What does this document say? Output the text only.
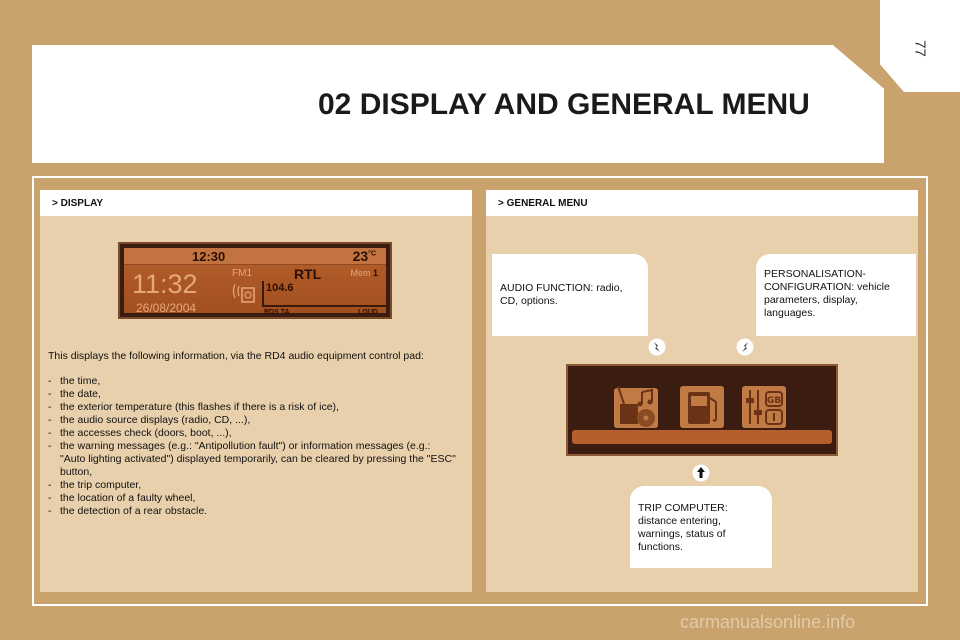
77
02 DISPLAY AND GENERAL MENU
> DISPLAY
12:30	$23^{^\circ C}$
11:32
26/08/2004
FM1	RTL	Mem 1
104.6
RDS TA	LOUD

This displays the following information, via the RD4 audio equipment control pad:

- the time,
- the date,
- the exterior temperature (this flashes if there is a risk of ice),
- the audio source displays (radio, CD, ...),
- the accesses check (doors, boot, ...),
- the warning messages (e.g.: "Antipollution fault") or information messages (e.g.: "Auto lighting activated") displayed temporarily, can be cleared by pressing the "ESC" button,
- the trip computer,
- the location of a faulty wheel,
- the detection of a rear obstacle.
> GENERAL MENU
AUDIO FUNCTION: radio, CD, options.
PERSONALISATION-CONFIGURATION: vehicle parameters, display, languages.
GB
TRIP COMPUTER: distance entering, warnings, status of functions.
carmanualsonline.info
